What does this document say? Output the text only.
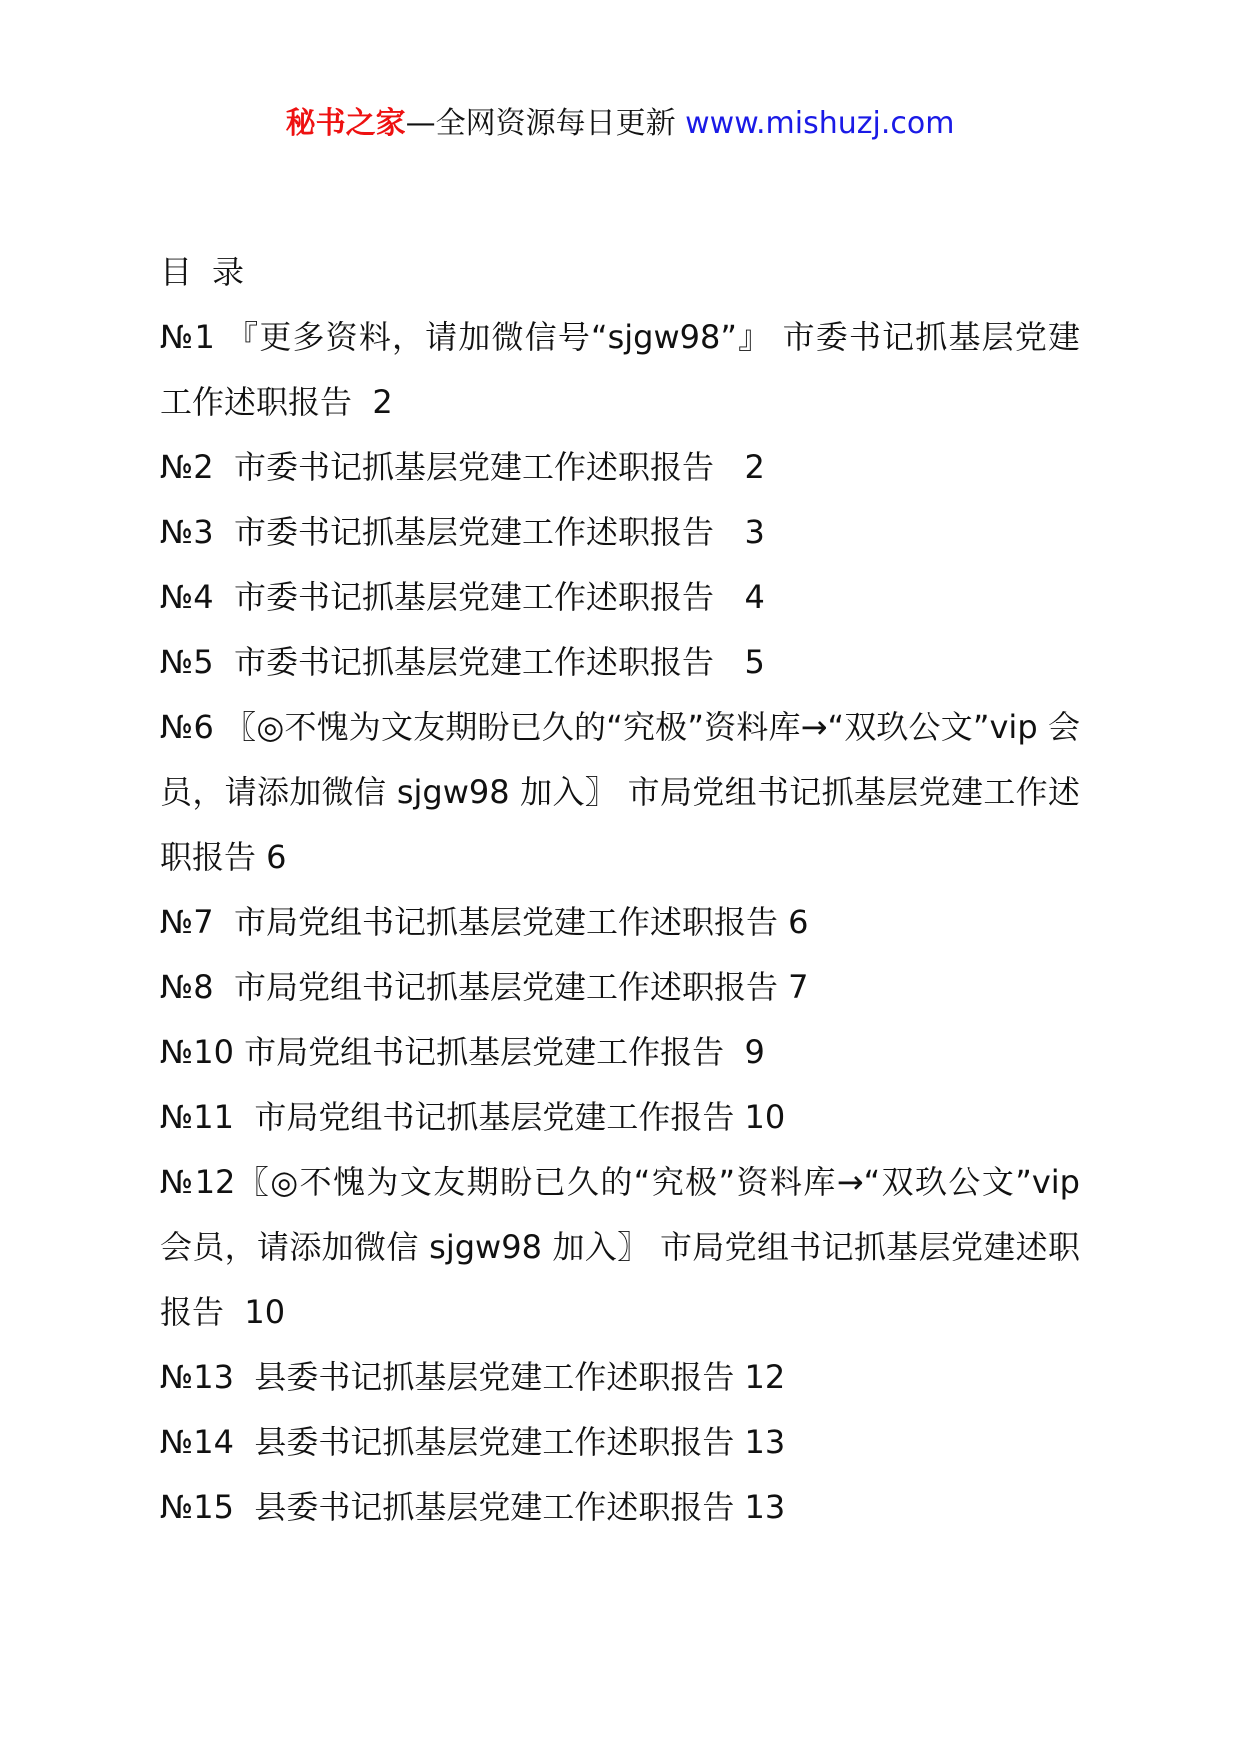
秘书之家—全网资源每日更新 www.mishuzj.com
目录
№1 『更多资料，请加微信号“sjgw98”』 市委书记抓基层党建工作述职报告  2
№2  市委书记抓基层党建工作述职报告   2
№3  市委书记抓基层党建工作述职报告   3
№4  市委书记抓基层党建工作述职报告   4
№5  市委书记抓基层党建工作述职报告   5
№6 〖◎不愧为文友期盼已久的“究极”资料库→“双玖公文”vip 会员，请添加微信 sjgw98 加入〗 市局党组书记抓基层党建工作述职报告 6
№7  市局党组书记抓基层党建工作述职报告 6
№8  市局党组书记抓基层党建工作述职报告 7
№10 市局党组书记抓基层党建工作报告  9
№11  市局党组书记抓基层党建工作报告 10
№12〖◎不愧为文友期盼已久的“究极”资料库→“双玖公文”vip 会员，请添加微信 sjgw98 加入〗 市局党组书记抓基层党建述职报告  10
№13  县委书记抓基层党建工作述职报告 12
№14  县委书记抓基层党建工作述职报告 13
№15  县委书记抓基层党建工作述职报告 13
